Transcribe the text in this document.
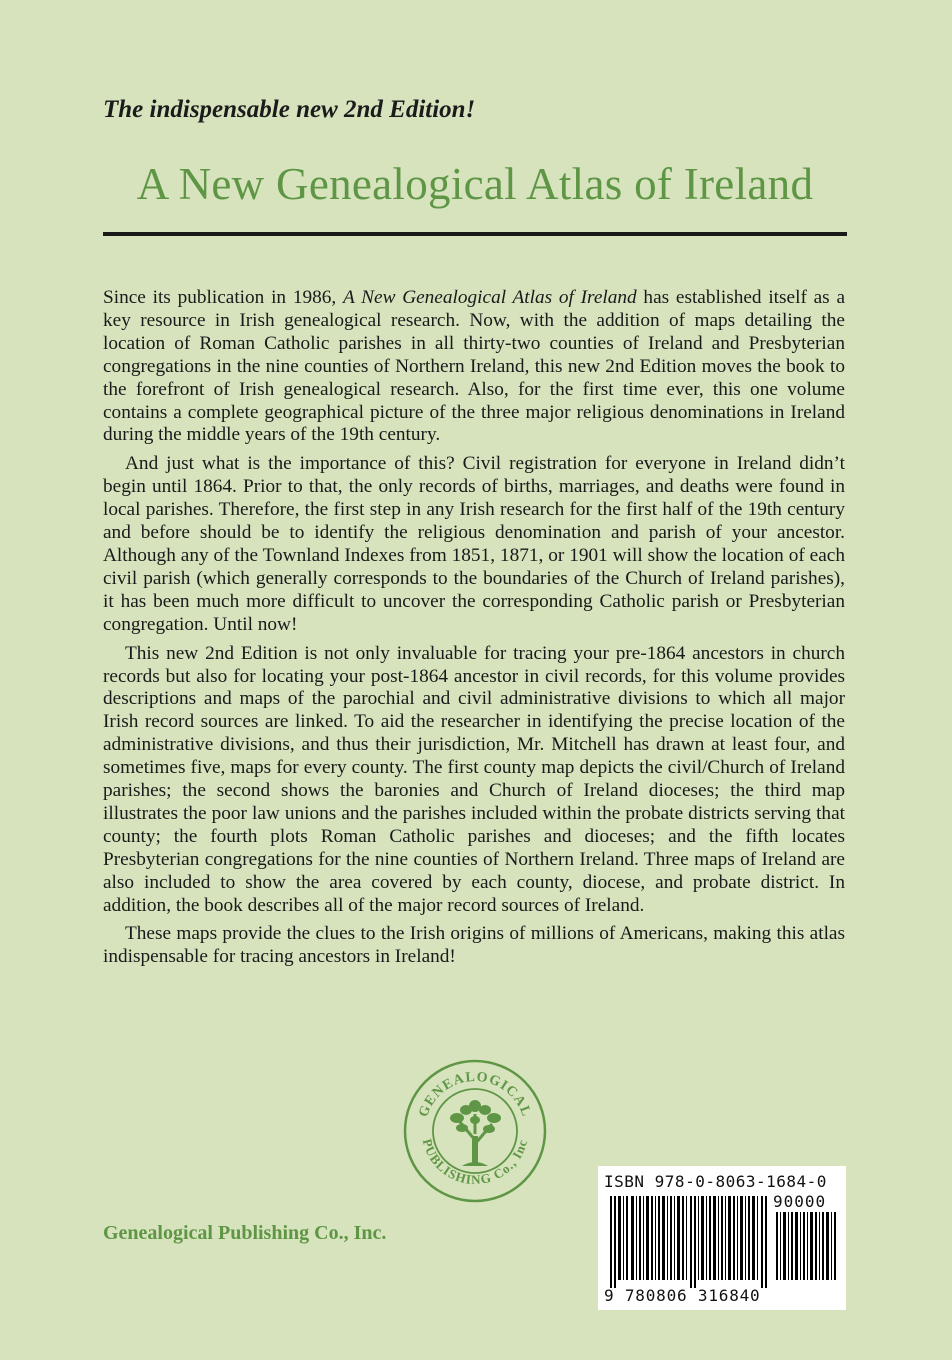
The indispensable new 2nd Edition!
A New Genealogical Atlas of Ireland

Since its publication in 1986, A New Genealogical Atlas of Ireland has established itself as a key resource in Irish genealogical research. Now, with the addition of maps detailing the location of Roman Catholic parishes in all thirty-two counties of Ireland and Presbyterian congregations in the nine counties of Northern Ireland, this new 2nd Edition moves the book to the forefront of Irish genealogical research. Also, for the first time ever, this one volume contains a complete geographical picture of the three major religious denominations in Ireland during the middle years of the 19th century.

And just what is the importance of this? Civil registration for everyone in Ireland didn’t begin until 1864. Prior to that, the only records of births, marriages, and deaths were found in local parishes. Therefore, the first step in any Irish research for the first half of the 19th century and before should be to identify the religious denomination and parish of your ancestor. Although any of the Townland Indexes from 1851, 1871, or 1901 will show the location of each civil parish (which generally corresponds to the boundaries of the Church of Ireland parishes), it has been much more difficult to uncover the corresponding Catholic parish or Presbyterian congregation. Until now!

This new 2nd Edition is not only invaluable for tracing your pre-1864 ancestors in church records but also for locating your post-1864 ancestor in civil records, for this volume provides descriptions and maps of the parochial and civil administrative divisions to which all major Irish record sources are linked. To aid the researcher in identifying the precise location of the administrative divisions, and thus their jurisdiction, Mr. Mitchell has drawn at least four, and sometimes five, maps for every county. The first county map depicts the civil/Church of Ireland parishes; the second shows the baronies and Church of Ireland dioceses; the third map illustrates the poor law unions and the parishes included within the probate districts serving that county; the fourth plots Roman Catholic parishes and dioceses; and the fifth locates Presbyterian congregations for the nine counties of Northern Ireland. Three maps of Ireland are also included to show the area covered by each county, diocese, and probate district. In addition, the book describes all of the major record sources of Ireland.

These maps provide the clues to the Irish origins of millions of Americans, making this atlas indispensable for tracing ancestors in Ireland!

GENEALOGICAL
PUBLISHING Co., Inc
Genealogical Publishing Co., Inc.
ISBN 978-0-8063-1684-0
90000
9 780806 316840
